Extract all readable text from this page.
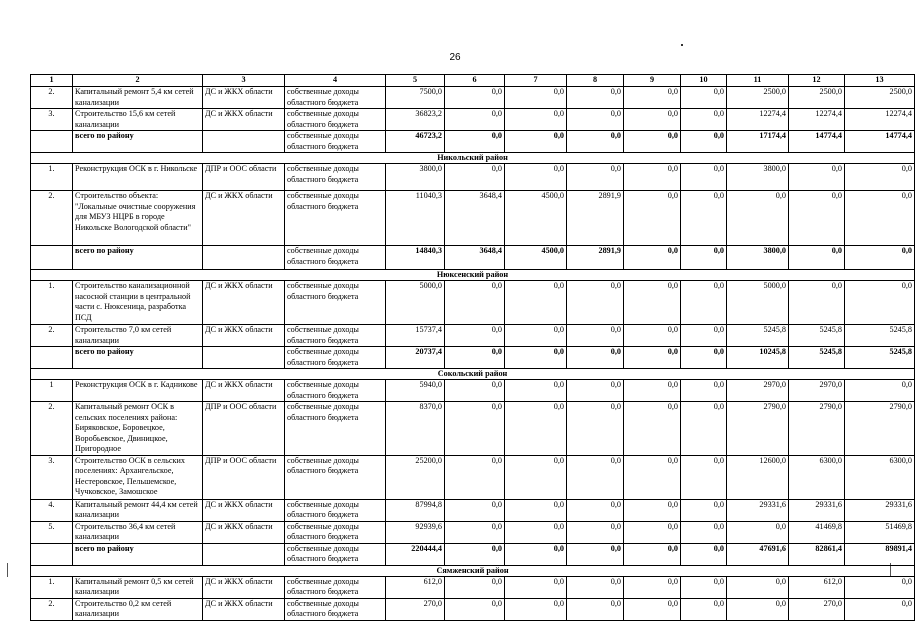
26
1	2	3	4	5	6	7	8	9	10	11	12	13
2.	Капитальный ремонт 5,4 км сетей канализации	ДС и ЖКХ области	собственные доходы областного бюджета	7500,0	0,0	0,0	0,0	0,0	0,0	2500,0	2500,0	2500,0
3.	Строительство 15,6 км сетей канализации	ДС и ЖКХ области	собственные доходы областного бюджета	36823,2	0,0	0,0	0,0	0,0	0,0	12274,4	12274,4	12274,4
	всего по району		собственные доходы областного бюджета	46723,2	0,0	0,0	0,0	0,0	0,0	17174,4	14774,4	14774,4
Никольский район												
1.	Реконструкция ОСК в г. Никольске	ДПР и ООС области	собственные доходы областного бюджета	3800,0	0,0	0,0	0,0	0,0	0,0	3800,0	0,0	0,0
2.	Строительство объекта: "Локальные очистные сооружения для МБУЗ НЦРБ в городе Никольске Вологодской области"	ДС и ЖКХ области	собственные доходы областного бюджета	11040,3	3648,4	4500,0	2891,9	0,0	0,0	0,0	0,0	0,0
	всего по району		собственные доходы областного бюджета	14840,3	3648,4	4500,0	2891,9	0,0	0,0	3800,0	0,0	0,0
Нюксенский район												
1.	Строительство канализационной насосной станции в центральной части с. Нюксеница, разработка ПСД	ДС и ЖКХ области	собственные доходы областного бюджета	5000,0	0,0	0,0	0,0	0,0	0,0	5000,0	0,0	0,0
2.	Строительство 7,0 км сетей канализации	ДС и ЖКХ области	собственные доходы областного бюджета	15737,4	0,0	0,0	0,0	0,0	0,0	5245,8	5245,8	5245,8
	всего по району		собственные доходы областного бюджета	20737,4	0,0	0,0	0,0	0,0	0,0	10245,8	5245,8	5245,8
Сокольский район												
1	Реконструкция ОСК в г. Кадникове	ДС и ЖКХ области	собственные доходы областного бюджета	5940,0	0,0	0,0	0,0	0,0	0,0	2970,0	2970,0	0,0
2.	Капитальный ремонт ОСК в сельских поселениях района: Биряковское, Боровецкое, Воробьевское, Двиницкое, Пригородное	ДПР и ООС области	собственные доходы областного бюджета	8370,0	0,0	0,0	0,0	0,0	0,0	2790,0	2790,0	2790,0
3.	Строительство ОСК в сельских поселениях: Архангельское, Нестеровское, Пельшемское, Чучковское, Замошское	ДПР и ООС области	собственные доходы областного бюджета	25200,0	0,0	0,0	0,0	0,0	0,0	12600,0	6300,0	6300,0
4.	Капитальный ремонт 44,4 км сетей канализации	ДС и ЖКХ области	собственные доходы областного бюджета	87994,8	0,0	0,0	0,0	0,0	0,0	29331,6	29331,6	29331,6
5.	Строительство 36,4 км сетей канализации	ДС и ЖКХ области	собственные доходы областного бюджета	92939,6	0,0	0,0	0,0	0,0	0,0	0,0	41469,8	51469,8
	всего по району		собственные доходы областного бюджета	220444,4	0,0	0,0	0,0	0,0	0,0	47691,6	82861,4	89891,4
Сямженский район												
1.	Капитальный ремонт 0,5 км сетей канализации	ДС и ЖКХ области	собственные доходы областного бюджета	612,0	0,0	0,0	0,0	0,0	0,0	0,0	612,0	0,0
2.	Строительство 0,2 км сетей канализации	ДС и ЖКХ области	собственные доходы областного бюджета	270,0	0,0	0,0	0,0	0,0	0,0	0,0	270,0	0,0
